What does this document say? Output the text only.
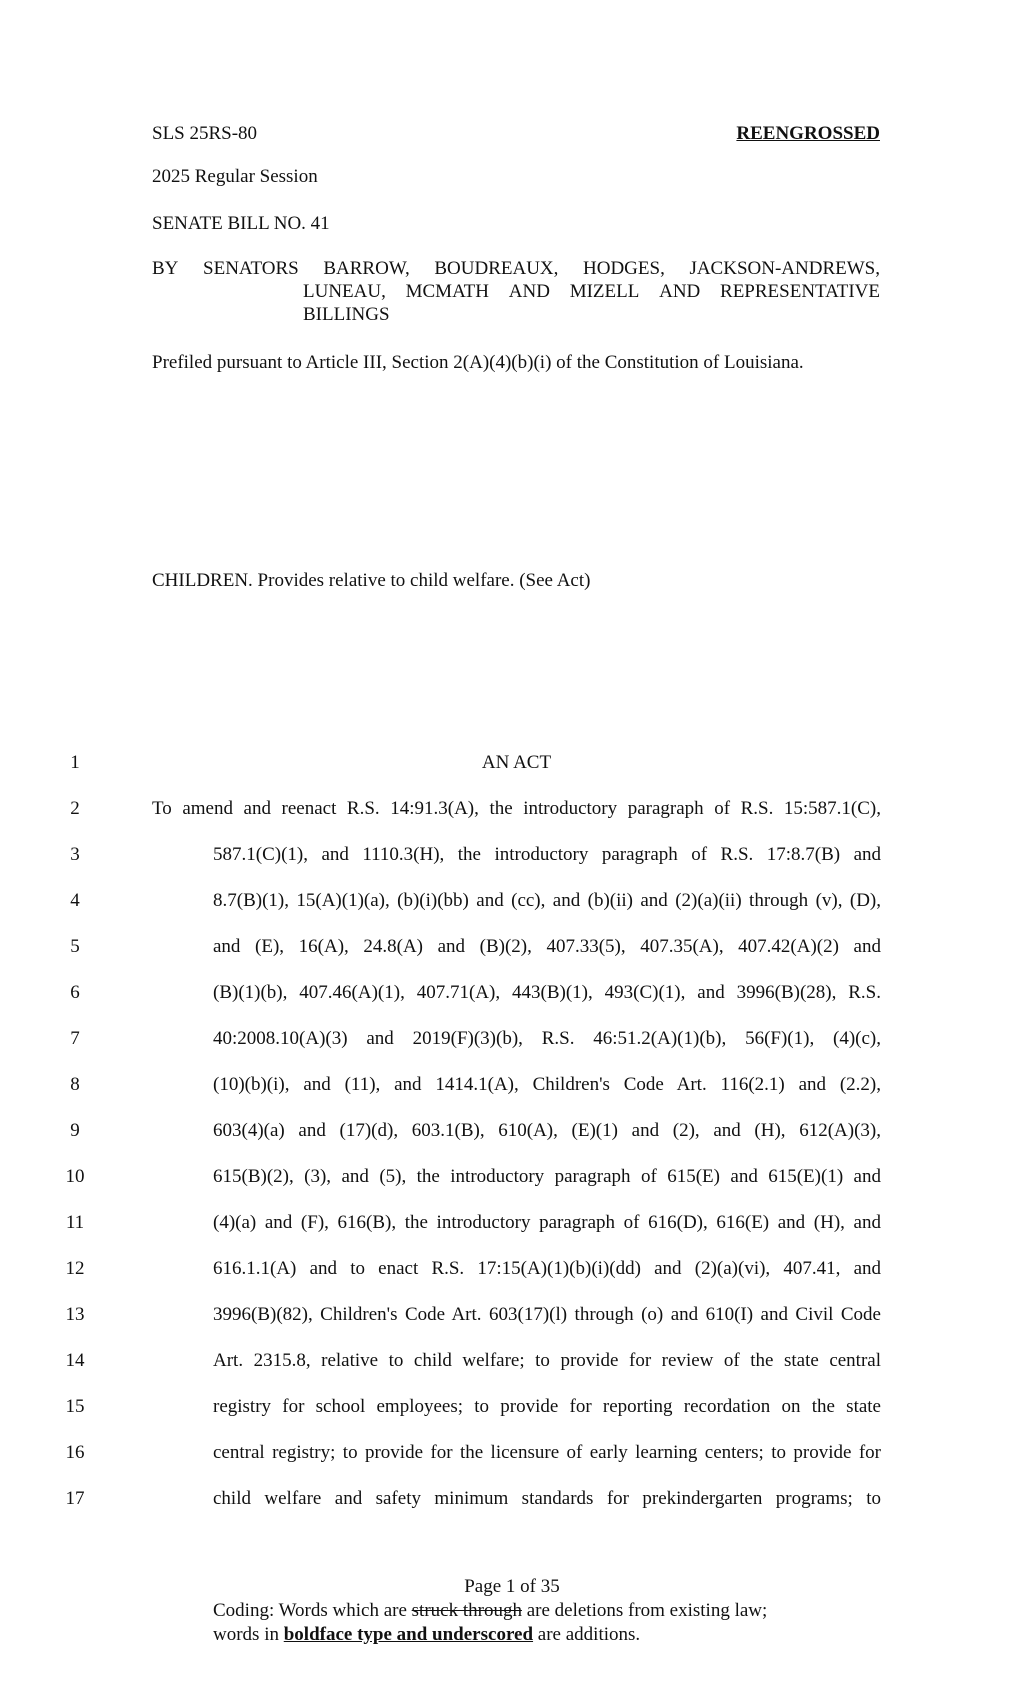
SLS 25RS-80	REENGROSSED
2025 Regular Session
SENATE BILL NO. 41
BY SENATORS BARROW, BOUDREAUX, HODGES, JACKSON-ANDREWS,
LUNEAU, MCMATH AND MIZELL AND REPRESENTATIVE
BILLINGS
Prefiled pursuant to Article III, Section 2(A)(4)(b)(i) of the Constitution of Louisiana.
CHILDREN. Provides relative to child welfare. (See Act)
1	AN ACT
2	To amend and reenact R.S. 14:91.3(A), the introductory paragraph of R.S. 15:587.1(C),
3	587.1(C)(1), and 1110.3(H), the introductory paragraph of R.S. 17:8.7(B) and
4	8.7(B)(1), 15(A)(1)(a), (b)(i)(bb) and (cc), and (b)(ii) and (2)(a)(ii) through (v), (D),
5	and (E), 16(A), 24.8(A) and (B)(2), 407.33(5), 407.35(A), 407.42(A)(2) and
6	(B)(1)(b), 407.46(A)(1), 407.71(A), 443(B)(1), 493(C)(1), and 3996(B)(28), R.S.
7	40:2008.10(A)(3) and 2019(F)(3)(b), R.S. 46:51.2(A)(1)(b), 56(F)(1), (4)(c),
8	(10)(b)(i), and (11), and 1414.1(A), Children's Code Art. 116(2.1) and (2.2),
9	603(4)(a) and (17)(d), 603.1(B), 610(A), (E)(1) and (2), and (H), 612(A)(3),
10	615(B)(2), (3), and (5), the introductory paragraph of 615(E) and 615(E)(1) and
11	(4)(a) and (F), 616(B), the introductory paragraph of 616(D), 616(E) and (H), and
12	616.1.1(A) and to enact R.S. 17:15(A)(1)(b)(i)(dd) and (2)(a)(vi), 407.41, and
13	3996(B)(82), Children's Code Art. 603(17)(l) through (o) and 610(I) and Civil Code
14	Art. 2315.8, relative to child welfare; to provide for review of the state central
15	registry for school employees; to provide for reporting recordation on the state
16	central registry; to provide for the licensure of early learning centers; to provide for
17	child welfare and safety minimum standards for prekindergarten programs; to
Page 1 of 35
Coding: Words which are struck through are deletions from existing law;
words in boldface type and underscored are additions.
